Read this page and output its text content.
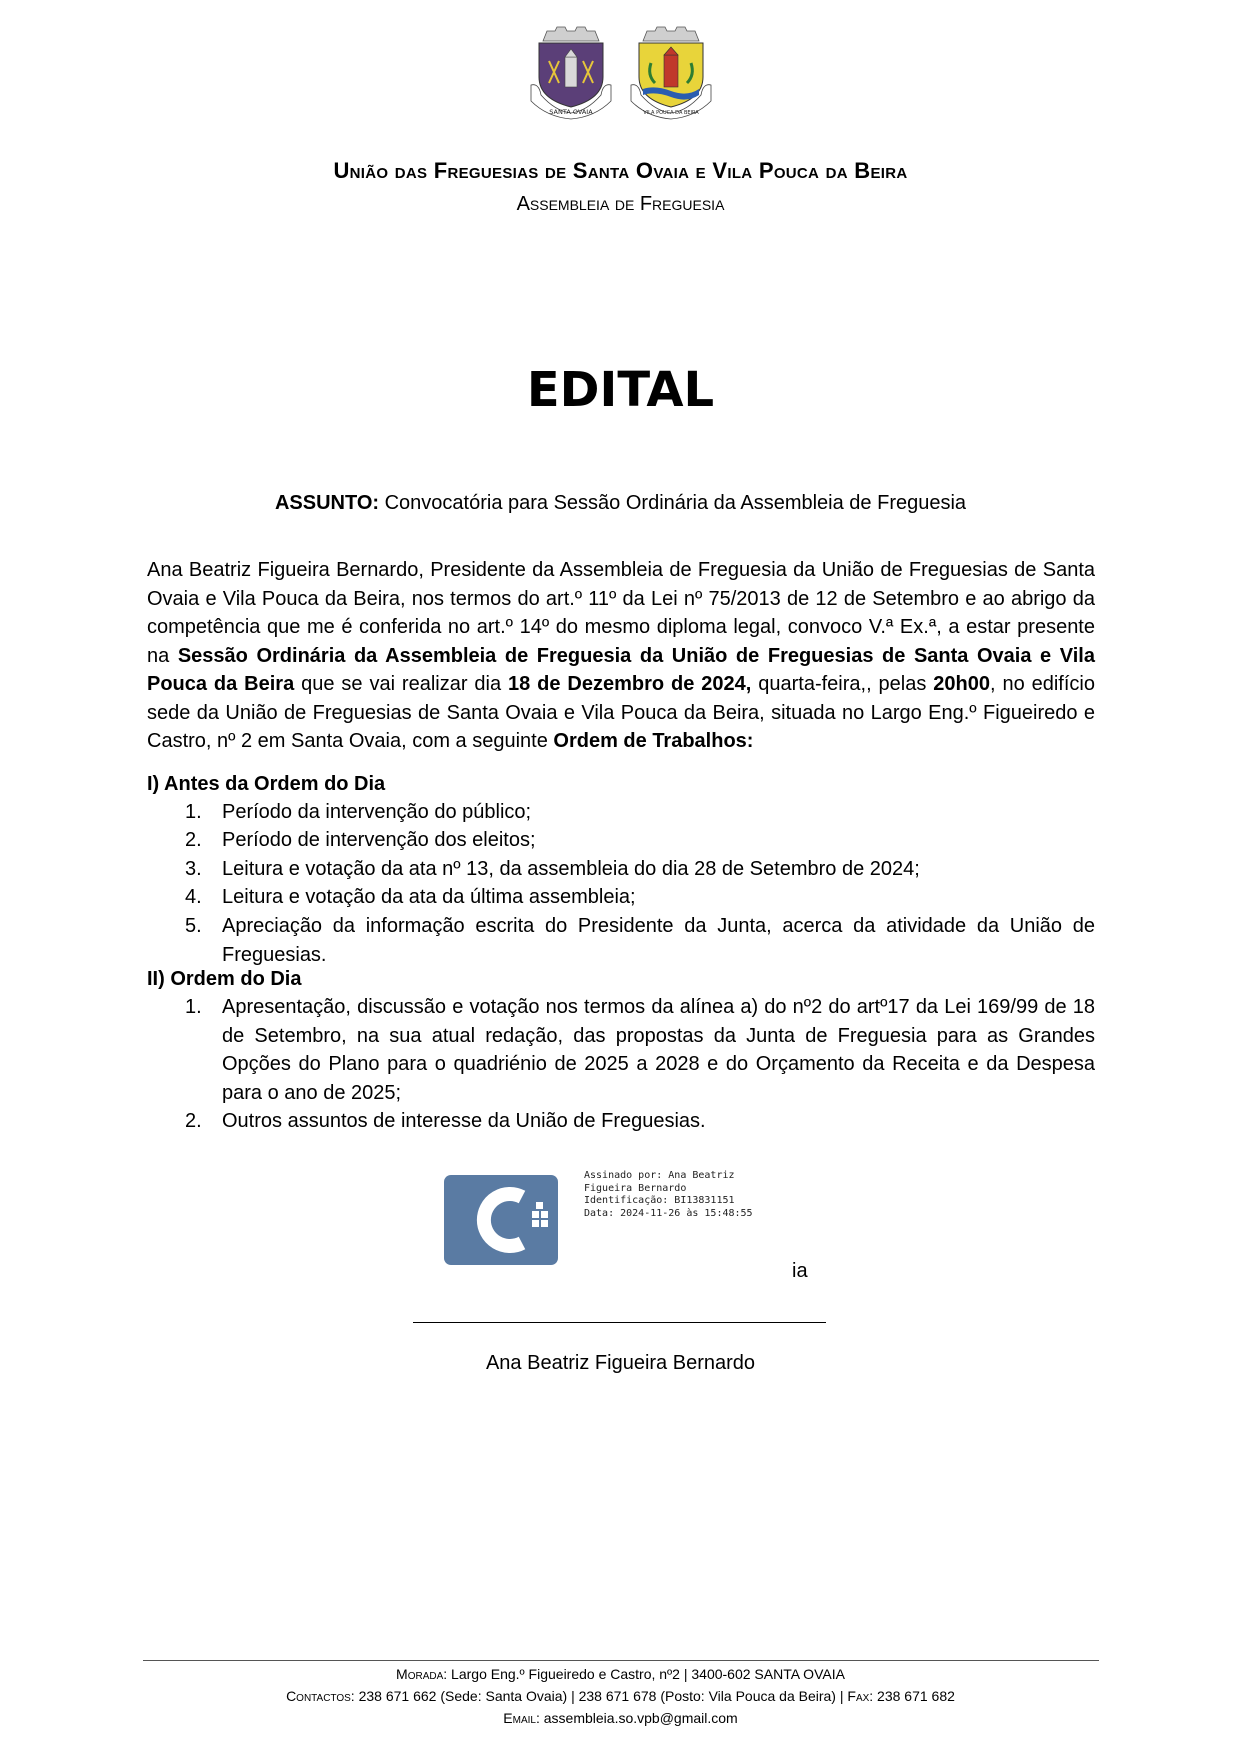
SANTA OVAIA	VILA POUCA DA BEIRA
União das Freguesias de Santa Ovaia e Vila Pouca da Beira
Assembleia de Freguesia
EDITAL
ASSUNTO: Convocatória para Sessão Ordinária da Assembleia de Freguesia
Ana Beatriz Figueira Bernardo, Presidente da Assembleia de Freguesia da União de Freguesias de Santa Ovaia e Vila Pouca da Beira, nos termos do art.º 11º da Lei nº 75/2013 de 12 de Setembro e ao abrigo da competência que me é conferida no art.º 14º do mesmo diploma legal, convoco V.ª Ex.ª, a estar presente na Sessão Ordinária da Assembleia de Freguesia da União de Freguesias de Santa Ovaia e Vila Pouca da Beira que se vai realizar dia 18 de Dezembro de 2024, quarta-feira,, pelas 20h00, no edifício sede da União de Freguesias de Santa Ovaia e Vila Pouca da Beira, situada no Largo Eng.º Figueiredo e Castro, nº 2 em Santa Ovaia, com a seguinte Ordem de Trabalhos:
I) Antes da Ordem do Dia
1.	Período da intervenção do público;
2.	Período de intervenção dos eleitos;
3.	Leitura e votação da ata nº 13, da assembleia do dia 28 de Setembro de 2024;
4.	Leitura e votação da ata da última assembleia;
5.	Apreciação da informação escrita do Presidente da Junta, acerca da atividade da União de Freguesias.
II) Ordem do Dia
1.	Apresentação, discussão e votação nos termos da alínea a) do nº2 do artº17 da Lei 169/99 de 18 de Setembro, na sua atual redação, das propostas da Junta de Freguesia para as Grandes Opções do Plano para o quadriénio de 2025 a 2028 e do Orçamento da Receita e da Despesa para o ano de 2025;
2.	Outros assuntos de interesse da União de Freguesias.
Assinado por: Ana Beatriz
Figueira Bernardo
Identificação: BI13831151
Data: 2024-11-26 às 15:48:55
ia
Ana Beatriz Figueira Bernardo
Morada: Largo Eng.º Figueiredo e Castro, nº2 | 3400-602 SANTA OVAIA
Contactos: 238 671 662 (Sede: Santa Ovaia) | 238 671 678 (Posto: Vila Pouca da Beira) | Fax: 238 671 682
Email: assembleia.so.vpb@gmail.com
